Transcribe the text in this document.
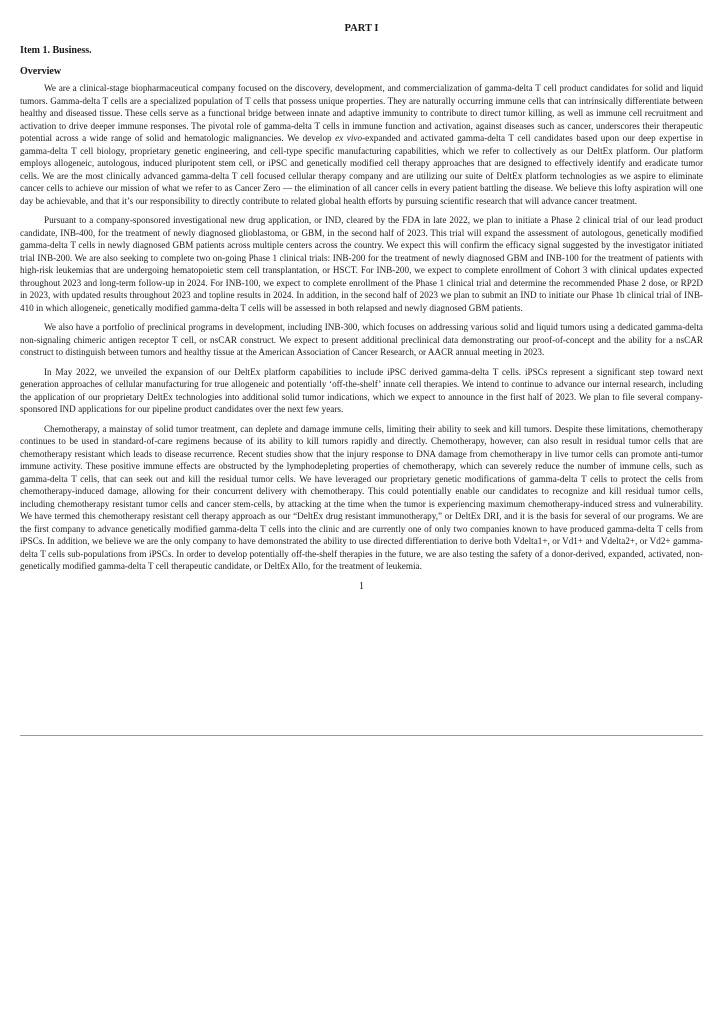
PART I
Item 1. Business.
Overview

We are a clinical-stage biopharmaceutical company focused on the discovery, development, and commercialization of gamma-delta T cell product candidates for solid and liquid tumors. Gamma-delta T cells are a specialized population of T cells that possess unique properties. They are naturally occurring immune cells that can intrinsically differentiate between healthy and diseased tissue. These cells serve as a functional bridge between innate and adaptive immunity to contribute to direct tumor killing, as well as immune cell recruitment and activation to drive deeper immune responses. The pivotal role of gamma-delta T cells in immune function and activation, against diseases such as cancer, underscores their therapeutic potential across a wide range of solid and hematologic malignancies. We develop ex vivo-expanded and activated gamma-delta T cell candidates based upon our deep expertise in gamma-delta T cell biology, proprietary genetic engineering, and cell-type specific manufacturing capabilities, which we refer to collectively as our DeltEx platform. Our platform employs allogeneic, autologous, induced pluripotent stem cell, or iPSC and genetically modified cell therapy approaches that are designed to effectively identify and eradicate tumor cells. We are the most clinically advanced gamma-delta T cell focused cellular therapy company and are utilizing our suite of DeltEx platform technologies as we aspire to eliminate cancer cells to achieve our mission of what we refer to as Cancer Zero — the elimination of all cancer cells in every patient battling the disease. We believe this lofty aspiration will one day be achievable, and that it’s our responsibility to directly contribute to related global health efforts by pursuing scientific research that will advance cancer treatment.

Pursuant to a company-sponsored investigational new drug application, or IND, cleared by the FDA in late 2022, we plan to initiate a Phase 2 clinical trial of our lead product candidate, INB-400, for the treatment of newly diagnosed glioblastoma, or GBM, in the second half of 2023. This trial will expand the assessment of autologous, genetically modified gamma-delta T cells in newly diagnosed GBM patients across multiple centers across the country. We expect this will confirm the efficacy signal suggested by the investigator initiated trial INB-200. We are also seeking to complete two on-going Phase 1 clinical trials: INB-200 for the treatment of newly diagnosed GBM and INB-100 for the treatment of patients with high-risk leukemias that are undergoing hematopoietic stem cell transplantation, or HSCT. For INB-200, we expect to complete enrollment of Cohort 3 with clinical updates expected throughout 2023 and long-term follow-up in 2024. For INB-100, we expect to complete enrollment of the Phase 1 clinical trial and determine the recommended Phase 2 dose, or RP2D in 2023, with updated results throughout 2023 and topline results in 2024. In addition, in the second half of 2023 we plan to submit an IND to initiate our Phase 1b clinical trial of INB-410 in which allogeneic, genetically modified gamma-delta T cells will be assessed in both relapsed and newly diagnosed GBM patients.

We also have a portfolio of preclinical programs in development, including INB-300, which focuses on addressing various solid and liquid tumors using a dedicated gamma-delta non-signaling chimeric antigen receptor T cell, or nsCAR construct. We expect to present additional preclinical data demonstrating our proof-of-concept and the ability for a nsCAR construct to distinguish between tumors and healthy tissue at the American Association of Cancer Research, or AACR annual meeting in 2023.

In May 2022, we unveiled the expansion of our DeltEx platform capabilities to include iPSC derived gamma-delta T cells. iPSCs represent a significant step toward next generation approaches of cellular manufacturing for true allogeneic and potentially ‘off-the-shelf’ innate cell therapies. We intend to continue to advance our internal research, including the application of our proprietary DeltEx technologies into additional solid tumor indications, which we expect to announce in the first half of 2023. We plan to file several company-sponsored IND applications for our pipeline product candidates over the next few years.

Chemotherapy, a mainstay of solid tumor treatment, can deplete and damage immune cells, limiting their ability to seek and kill tumors. Despite these limitations, chemotherapy continues to be used in standard-of-care regimens because of its ability to kill tumors rapidly and directly. Chemotherapy, however, can also result in residual tumor cells that are chemotherapy resistant which leads to disease recurrence. Recent studies show that the injury response to DNA damage from chemotherapy in live tumor cells can promote anti-tumor immune activity. These positive immune effects are obstructed by the lymphodepleting properties of chemotherapy, which can severely reduce the number of immune cells, such as gamma-delta T cells, that can seek out and kill the residual tumor cells. We have leveraged our proprietary genetic modifications of gamma-delta T cells to protect the cells from chemotherapy-induced damage, allowing for their concurrent delivery with chemotherapy. This could potentially enable our candidates to recognize and kill residual tumor cells, including chemotherapy resistant tumor cells and cancer stem-cells, by attacking at the time when the tumor is experiencing maximum chemotherapy-induced stress and vulnerability. We have termed this chemotherapy resistant cell therapy approach as our “DeltEx drug resistant immunotherapy,” or DeltEx DRI, and it is the basis for several of our programs. We are the first company to advance genetically modified gamma-delta T cells into the clinic and are currently one of only two companies known to have produced gamma-delta T cells from iPSCs. In addition, we believe we are the only company to have demonstrated the ability to use directed differentiation to derive both Vdelta1+, or Vd1+ and Vdelta2+, or Vd2+ gamma-delta T cells sub-populations from iPSCs. In order to develop potentially off-the-shelf therapies in the future, we are also testing the safety of a donor-derived, expanded, activated, non-genetically modified gamma-delta T cell therapeutic candidate, or DeltEx Allo, for the treatment of leukemia.

1
